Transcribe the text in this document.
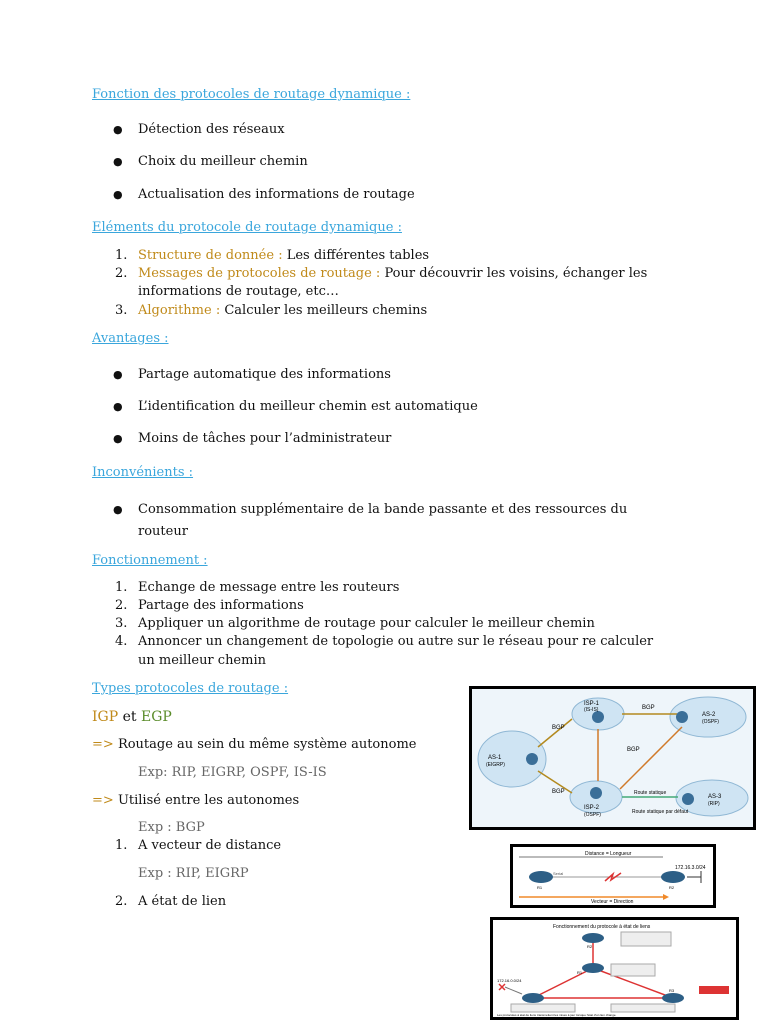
Fonction des protocoles de routage dynamique :
● Détection des réseaux
● Choix du meilleur chemin
● Actualisation des informations de routage
Eléments du protocole de routage dynamique :
1. Structure de donnée : Les différentes tables
2. Messages de protocoles de routage : Pour découvrir les voisins, échanger les
informations de routage, etc…
3. Algorithme : Calculer les meilleurs chemins
Avantages :
● Partage automatique des informations
● L’identification du meilleur chemin est automatique
● Moins de tâches pour l’administrateur
Inconvénients :
● Consommation supplémentaire de la bande passante et des ressources du
routeur
Fonctionnement :
1. Echange de message entre les routeurs
2. Partage des informations
3. Appliquer un algorithme de routage pour calculer le meilleur chemin
4. Annoncer un changement de topologie ou autre sur le réseau pour re calculer
un meilleur chemin
Types protocoles de routage :
IGP et EGP
=> Routage au sein du même système autonome
Exp: RIP, EIGRP, OSPF, IS-IS
=> Utilisé entre les autonomes
Exp : BGP
1. A vecteur de distance
Exp : RIP, EIGRP
2. A état de lien
ISP-1
(IS-IS)
ISP-2
(OSPF)
AS-1
(EIGRP)
AS-2
(OSPF)
AS-3
(RIP)
BGP
BGP
BGP
BGP
Route statique
Route statique par défaut
Distance = Longueur
Vecteur = Direction
172.16.3.0/24
R1	R2
Serial
Fonctionnement du protocole à état de liens
172.16.0.0/24
R2
R1
R3
Les protocoles à état de liens transmettent les mises à jour lorsque l'état d'un lien change.
